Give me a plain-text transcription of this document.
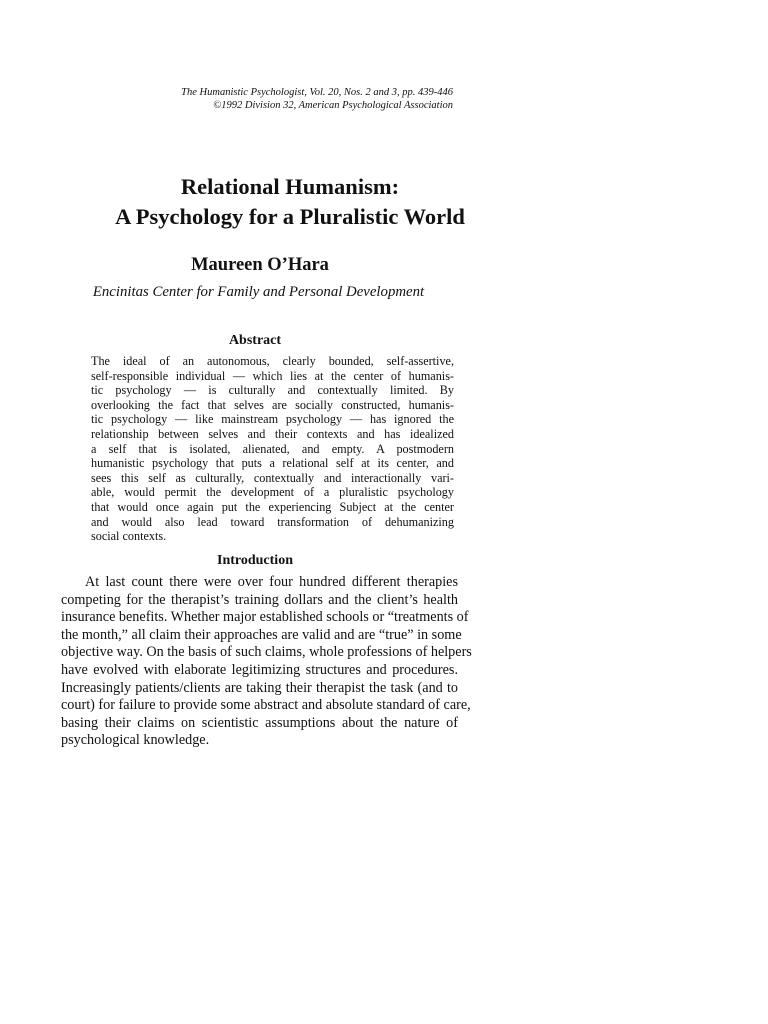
The Humanistic Psychologist, Vol. 20, Nos. 2 and 3, pp. 439-446
©1992 Division 32, American Psychological Association
Relational Humanism:
A Psychology for a Pluralistic World
Maureen O’Hara
Encinitas Center for Family and Personal Development
Abstract
The ideal of an autonomous, clearly bounded, self-assertive,
self-responsible individual — which lies at the center of humanis-
tic psychology — is culturally and contextually limited. By
overlooking the fact that selves are socially constructed, humanis-
tic psychology — like mainstream psychology — has ignored the
relationship between selves and their contexts and has idealized
a self that is isolated, alienated, and empty. A postmodern
humanistic psychology that puts a relational self at its center, and
sees this self as culturally, contextually and interactionally vari-
able, would permit the development of a pluralistic psychology
that would once again put the experiencing Subject at the center
and would also lead toward transformation of dehumanizing
social contexts.
Introduction
At last count there were over four hundred different therapies
competing for the therapist’s training dollars and the client’s health
insurance benefits. Whether major established schools or “treatments of
the month,” all claim their approaches are valid and are “true” in some
objective way. On the basis of such claims, whole professions of helpers
have evolved with elaborate legitimizing structures and procedures.
Increasingly patients/clients are taking their therapist the task (and to
court) for failure to provide some abstract and absolute standard of care,
basing their claims on scientistic assumptions about the nature of
psychological knowledge.
